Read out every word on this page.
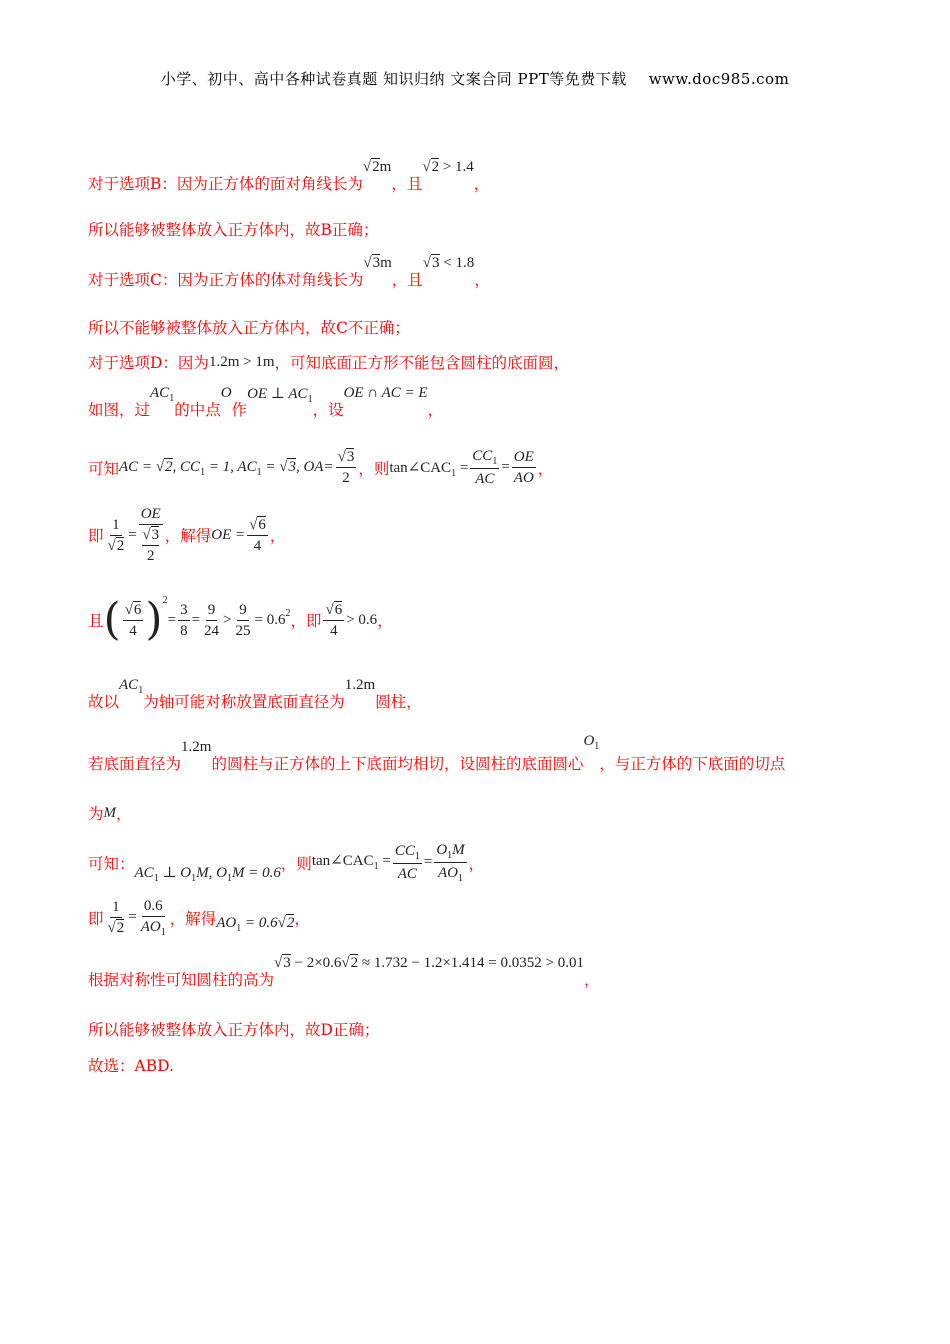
小学、初中、高中各种试卷真题 知识归纳 文案合同 PPT等免费下载 www.doc985.com
对于选项B：因为正方体的面对角线长为
√ 2m
，且
√ 2 > 1.4
，
所以能够被整体放入正方体内，故B正确；
对于选项C：因为正方体的体对角线长为
√ 3m
，且
√ 3 < 1.8
，
所以不能够被整体放入正方体内，故C不正确；
对于选项D：因为 1.2m > 1m ，可知底面正方形不能包含圆柱的底面圆，
如图，过
$AC_1$
的中点
O
作
OE ⊥ $AC_1$
，设
OE ∩ AC = E
，
可知 AC = √ 2, $CC_1 = 1$, $AC_1$ = √ 3, OA=
√ $\frac{3}{2}$ ，则 $\tan\angle CAC_1 = \frac{CC_1}{AC} = \frac{OE}{AO}$ ，
即 1
√ 2 = OE
√ 3
2 ，解得 OE =
√ $\frac{6}{4}$ ，
且 (
√ $\frac{6}{4}$ ) 2
= $\frac{3}{8} = \frac{9}{24} > \frac{9}{25} = 0.6^2$ ，即
√ $\frac{6}{4} > 0.6$ ，
故以
$AC_1$
为轴可能对称放置底面直径为
1.2m
圆柱，
若底面直径为
1.2m
的圆柱与正方体的上下底面均相切，设圆柱的底面圆心
$O_1$
，与正方体的下底面的切点
为 M ，
可知：
$AC_1$ ⊥ $O_1M$, $O_1M = 0.6$
，则 $\tan\angle CAC_1 = \frac{CC_1}{AC} = \frac{O_1M}{AO_1}$ ，
即 1
√ $2 = \frac{0.6}{AO_1}$ ，解得 $AO_1 = 0.6√$ 2 ，
根据对称性可知圆柱的高为
√ 3 − 2×0.6√ 2 ≈ 1.732 − 1.2×1.414 = 0.0352 > 0.01
，
所以能够被整体放入正方体内，故D正确；
故选：ABD.
